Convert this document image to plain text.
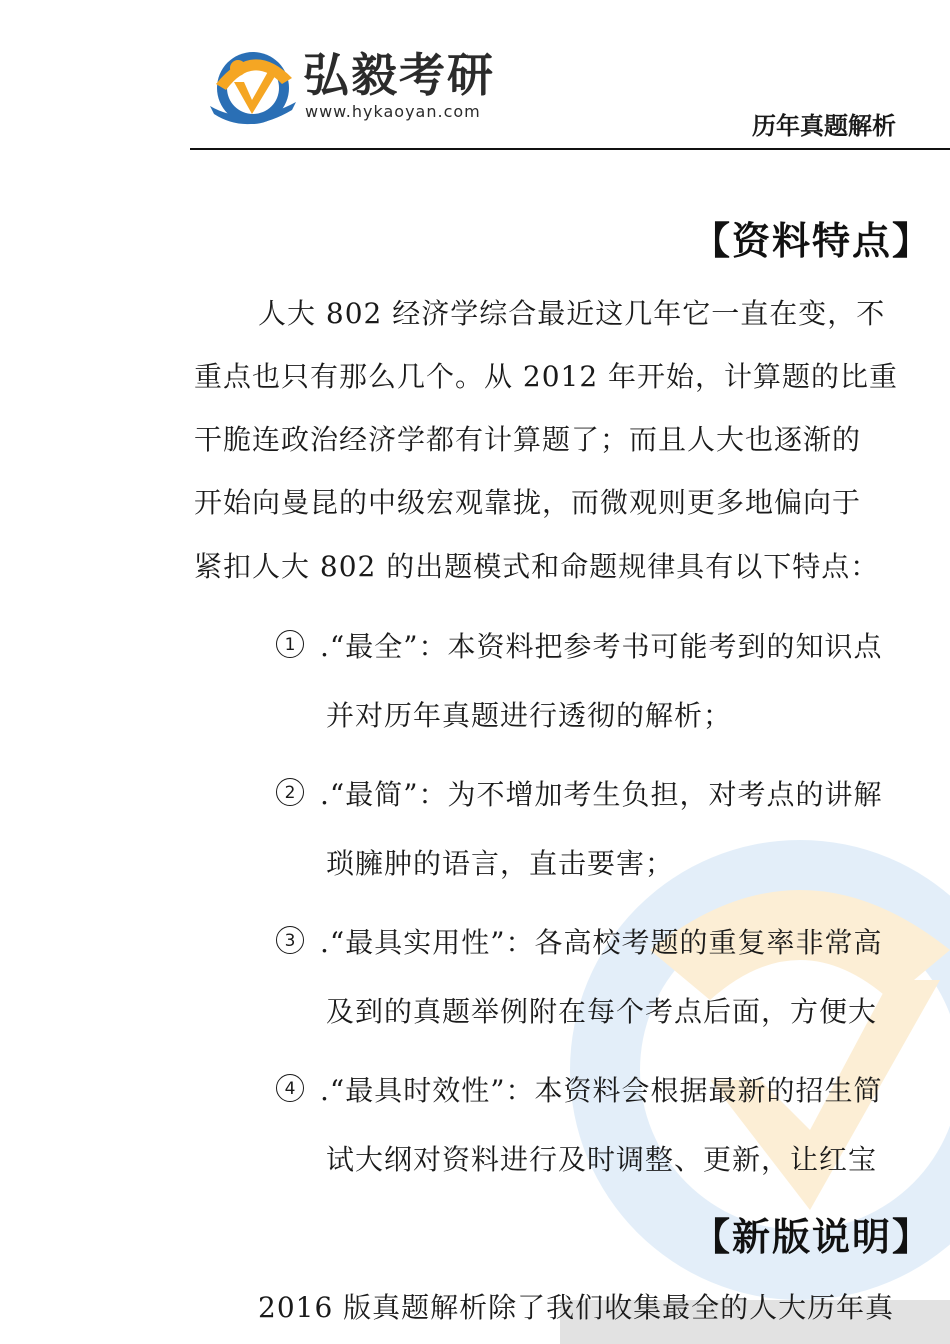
弘毅考研
www.hykaoyan.com
历年真题解析
【资料特点】
人大 802 经济学综合最近这几年它一直在变，不
重点也只有那么几个。从 2012 年开始，计算题的比重
干脆连政治经济学都有计算题了；而且人大也逐渐的
开始向曼昆的中级宏观靠拢，而微观则更多地偏向于
紧扣人大 802 的出题模式和命题规律具有以下特点：
1 .“最全”：本资料把参考书可能考到的知识点
并对历年真题进行透彻的解析；
2 .“最简”：为不增加考生负担，对考点的讲解
琐臃肿的语言，直击要害；
3 .“最具实用性”：各高校考题的重复率非常高
及到的真题举例附在每个考点后面，方便大
4 .“最具时效性”：本资料会根据最新的招生简
试大纲对资料进行及时调整、更新，让红宝
【新版说明】
2016 版真题解析除了我们收集最全的人大历年真
